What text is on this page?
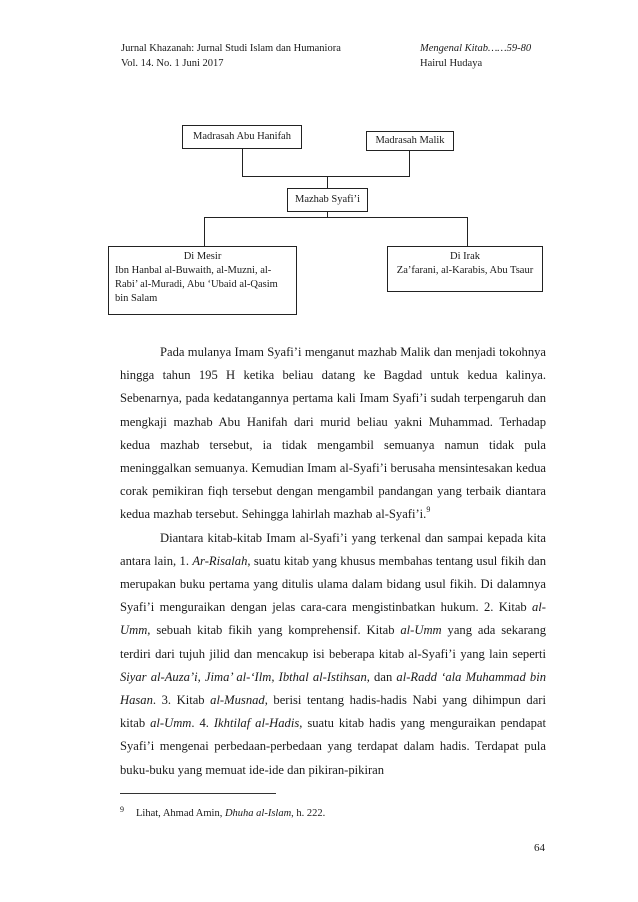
Jurnal Khazanah: Jurnal Studi Islam dan Humaniora
Vol. 14. No. 1 Juni 2017
Mengenal Kitab……59-80
Hairul Hudaya
Madrasah Abu Hanifah	Madrasah Malik
Mazhab Syafi’i
Di Mesir
Ibn Hanbal al-Buwaith, al-Muzni, al-
Rabi’ al-Muradi, Abu ‘Ubaid al-Qasim
bin Salam
Di Irak
Za’farani, al-Karabis, Abu Tsaur

Pada mulanya Imam Syafi’i menganut mazhab Malik dan menjadi tokohnya hingga tahun 195 H ketika beliau datang ke Bagdad untuk kedua kalinya. Sebenarnya, pada kedatangannya pertama kali Imam Syafi’i sudah terpengaruh dan mengkaji mazhab Abu Hanifah dari murid beliau yakni Muhammad. Terhadap kedua mazhab tersebut, ia tidak mengambil semuanya namun tidak pula meninggalkan semuanya. Kemudian Imam al-Syafi’i berusaha mensintesakan kedua corak pemikiran fiqh tersebut dengan mengambil pandangan yang terbaik diantara kedua mazhab tersebut. Sehingga lahirlah mazhab al-Syafi’i.$^9$

Diantara kitab-kitab Imam al-Syafi’i yang terkenal dan sampai kepada kita antara lain, 1. Ar-Risalah, suatu kitab yang khusus membahas tentang usul fikih dan merupakan buku pertama yang ditulis ulama dalam bidang usul fikih. Di dalamnya Syafi’i menguraikan dengan jelas cara-cara mengistinbatkan hukum. 2. Kitab al-Umm, sebuah kitab fikih yang komprehensif. Kitab al-Umm yang ada sekarang terdiri dari tujuh jilid dan mencakup isi beberapa kitab al-Syafi’i yang lain seperti Siyar al-Auza’i, Jima’ al-‘Ilm, Ibthal al-Istihsan, dan al-Radd ‘ala Muhammad bin Hasan. 3. Kitab al-Musnad, berisi tentang hadis-hadis Nabi yang dihimpun dari kitab al-Umm. 4. Ikhtilaf al-Hadis, suatu kitab hadis yang menguraikan pendapat Syafi’i mengenai perbedaan-perbedaan yang terdapat dalam hadis. Terdapat pula buku-buku yang memuat ide-ide dan pikiran-pikiran

$^9$ Lihat, Ahmad Amin, Dhuha al-Islam, h. 222.
64
